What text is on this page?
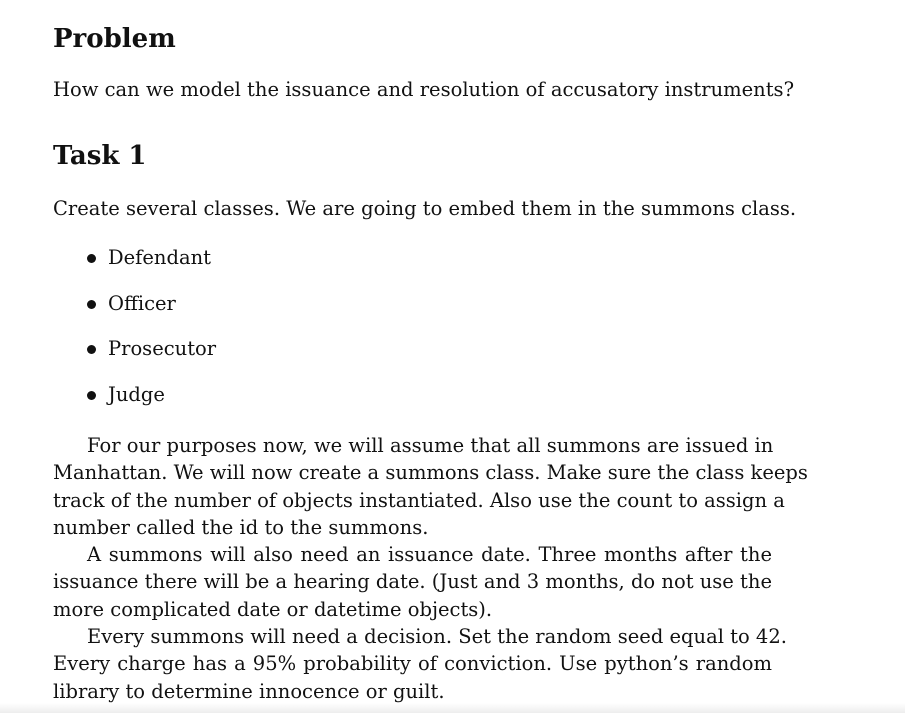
Problem

How can we model the issuance and resolution of accusatory instruments?

Task 1

Create several classes. We are going to embed them in the summons class.

Defendant
Officer
Prosecutor
Judge
For our purposes now, we will assume that all summons are issued in
Manhattan. We will now create a summons class. Make sure the class keeps
track of the number of objects instantiated. Also use the count to assign a
number called the id to the summons.
A summons will also need an issuance date. Three months after the
issuance there will be a hearing date. (Just and 3 months, do not use the
more complicated date or datetime objects).
Every summons will need a decision. Set the random seed equal to 42.
Every charge has a 95% probability of conviction. Use python’s random
library to determine innocence or guilt.
